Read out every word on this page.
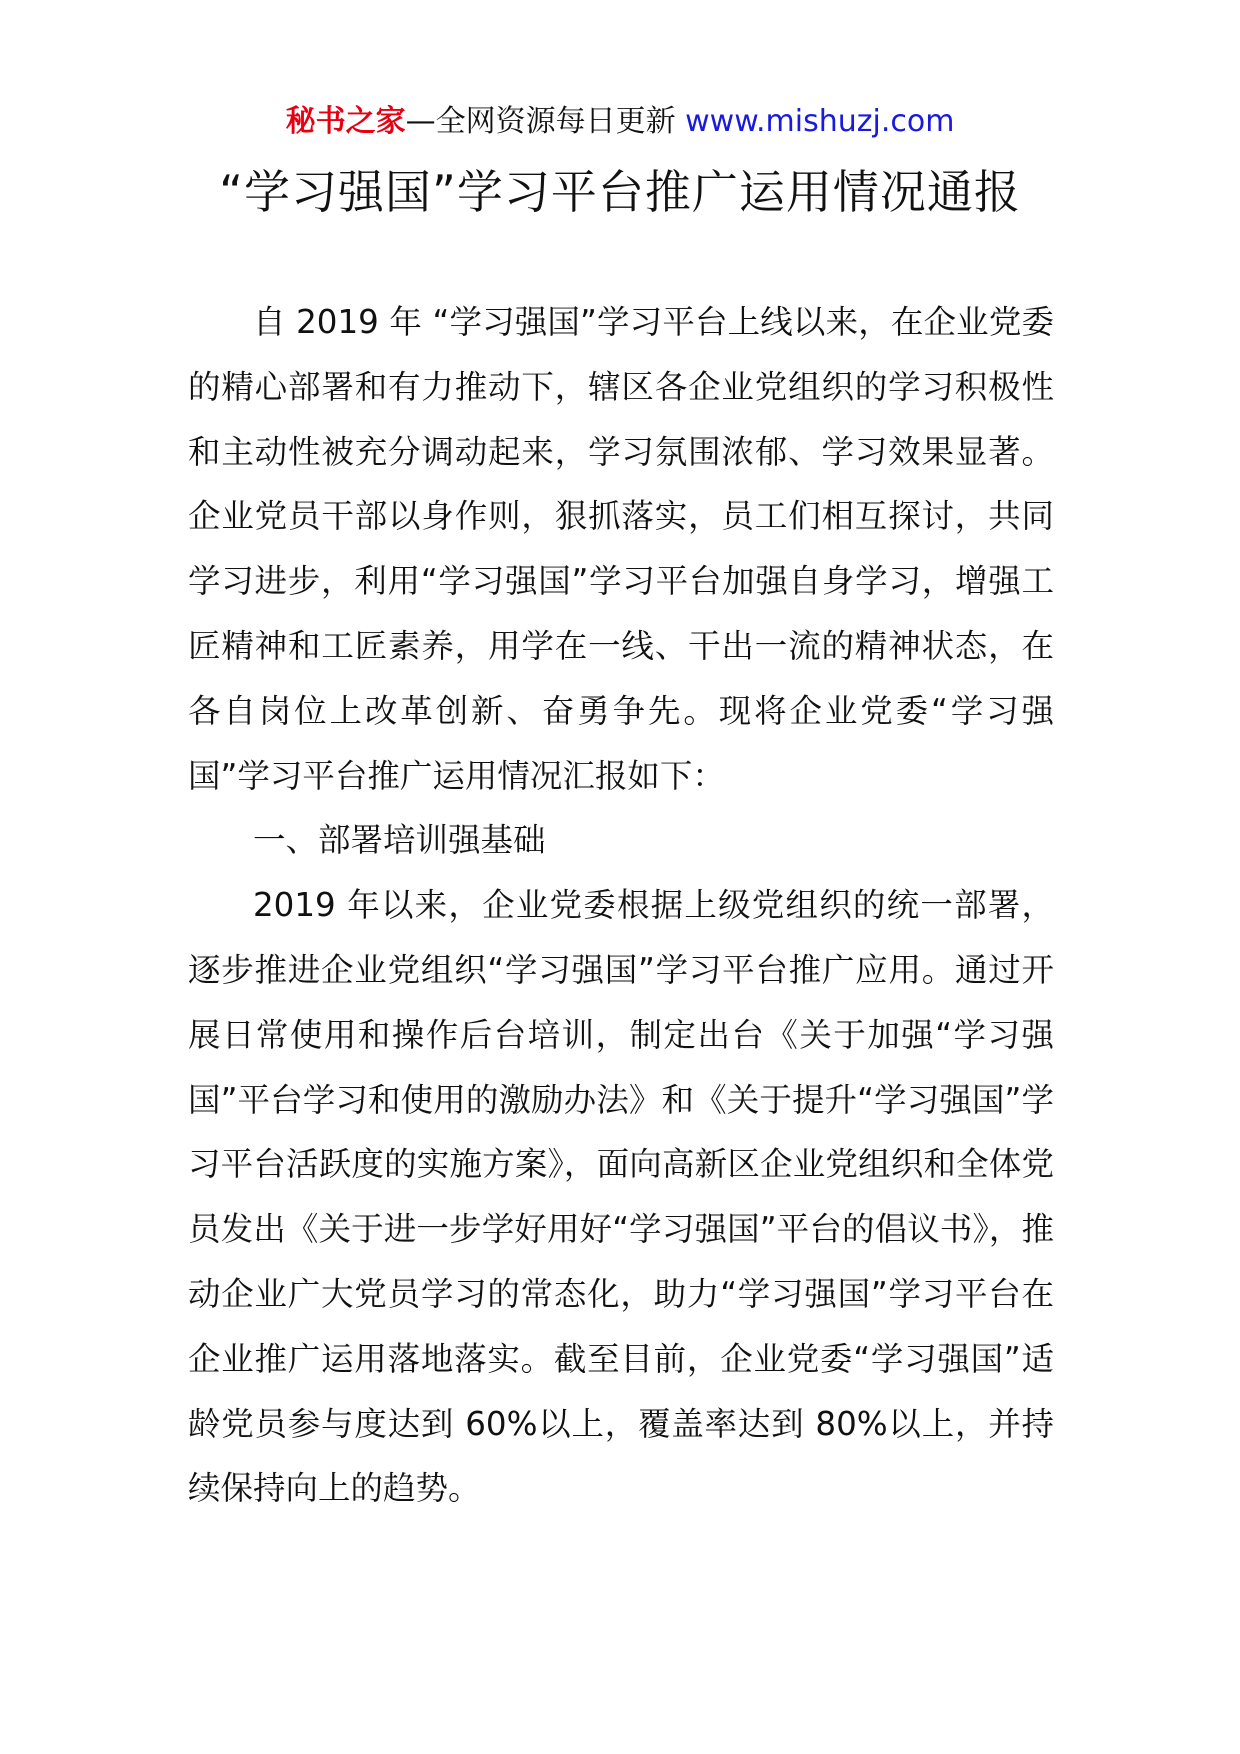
秘书之家—全网资源每日更新 www.mishuzj.com
“学习强国”学习平台推广运用情况通报

自 2019 年 “学习强国”学习平台上线以来，在企业党委的精心部署和有力推动下，辖区各企业党组织的学习积极性和主动性被充分调动起来，学习氛围浓郁、学习效果显著。企业党员干部以身作则，狠抓落实，员工们相互探讨，共同学习进步，利用“学习强国”学习平台加强自身学习，增强工匠精神和工匠素养，用学在一线、干出一流的精神状态，在各自岗位上改革创新、奋勇争先。现将企业党委“学习强国”学习平台推广运用情况汇报如下：

一、部署培训强基础

2019 年以来，企业党委根据上级党组织的统一部署，逐步推进企业党组织“学习强国”学习平台推广应用。通过开展日常使用和操作后台培训，制定出台《关于加强“学习强国”平台学习和使用的激励办法》和《关于提升“学习强国”学习平台活跃度的实施方案》，面向高新区企业党组织和全体党员发出《关于进一步学好用好“学习强国”平台的倡议书》，推动企业广大党员学习的常态化，助力“学习强国”学习平台在企业推广运用落地落实。截至目前，企业党委“学习强国”适龄党员参与度达到 60%以上，覆盖率达到 80%以上，并持续保持向上的趋势。
